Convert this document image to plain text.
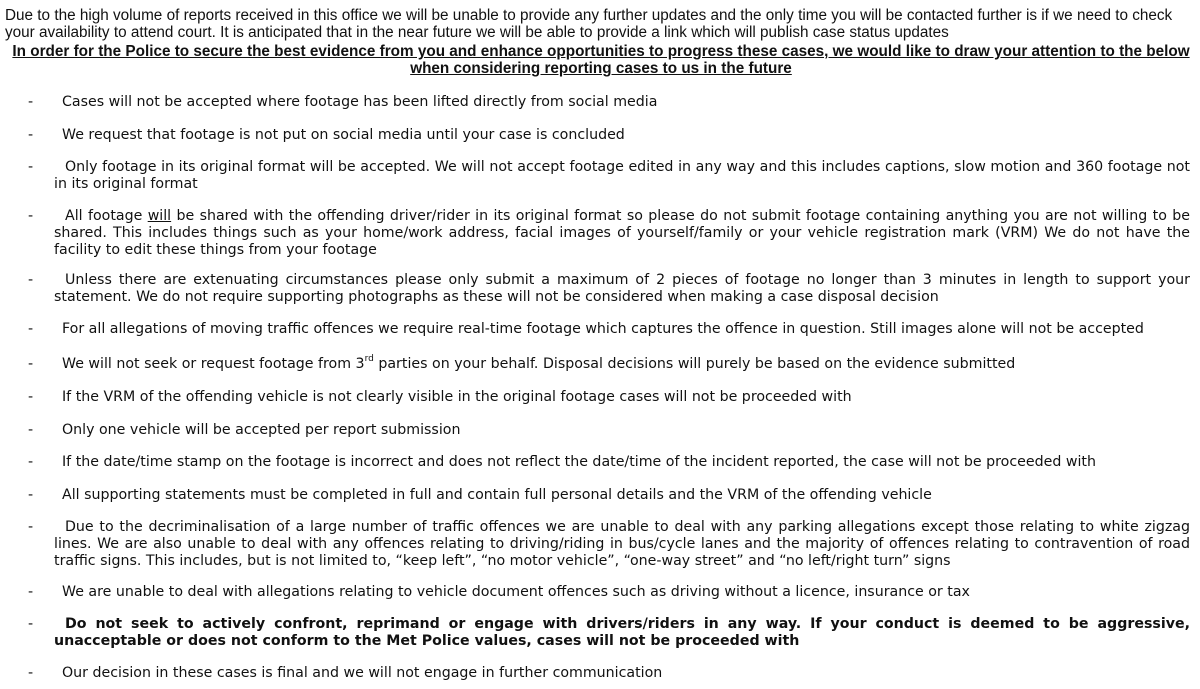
Due to the high volume of reports received in this office we will be unable to provide any further updates and the only time you will be contacted further is if we need to check your availability to attend court. It is anticipated that in the near future we will be able to provide a link which will publish case status updates

In order for the Police to secure the best evidence from you and enhance opportunities to progress these cases, we would like to draw your attention to the below when considering reporting cases to us in the future

-	Cases will not be accepted where footage has been lifted directly from social media
-	We request that footage is not put on social media until your case is concluded
-	Only footage in its original format will be accepted. We will not accept footage edited in any way and this includes captions, slow motion and 360 footage not in its original format
-	All footage will be shared with the offending driver/rider in its original format so please do not submit footage containing anything you are not willing to be shared. This includes things such as your home/work address, facial images of yourself/family or your vehicle registration mark (VRM) We do not have the facility to edit these things from your footage
-	Unless there are extenuating circumstances please only submit a maximum of 2 pieces of footage no longer than 3 minutes in length to support your statement. We do not require supporting photographs as these will not be considered when making a case disposal decision
-	For all allegations of moving traffic offences we require real-time footage which captures the offence in question. Still images alone will not be accepted
-	We will not seek or request footage from 3rd parties on your behalf. Disposal decisions will purely be based on the evidence submitted
-	If the VRM of the offending vehicle is not clearly visible in the original footage cases will not be proceeded with
-	Only one vehicle will be accepted per report submission
-	If the date/time stamp on the footage is incorrect and does not reflect the date/time of the incident reported, the case will not be proceeded with
-	All supporting statements must be completed in full and contain full personal details and the VRM of the offending vehicle
-	Due to the decriminalisation of a large number of traffic offences we are unable to deal with any parking allegations except those relating to white zigzag lines. We are also unable to deal with any offences relating to driving/riding in bus/cycle lanes and the majority of offences relating to contravention of road traffic signs. This includes, but is not limited to, “keep left”, “no motor vehicle”, “one-way street” and “no left/right turn” signs
-	We are unable to deal with allegations relating to vehicle document offences such as driving without a licence, insurance or tax
-	Do not seek to actively confront, reprimand or engage with drivers/riders in any way. If your conduct is deemed to be aggressive, unacceptable or does not conform to the Met Police values, cases will not be proceeded with
-	Our decision in these cases is final and we will not engage in further communication
